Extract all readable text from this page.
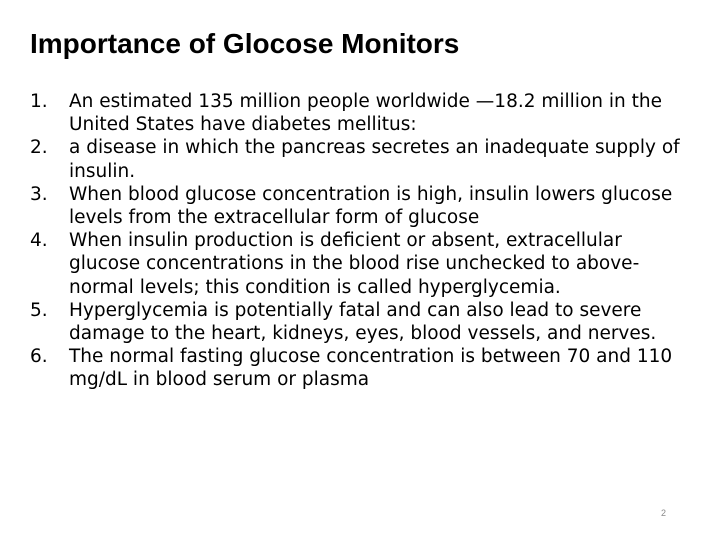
Importance of Glocose Monitors
1. An estimated 135 million people worldwide —18.2 million in the United States have diabetes mellitus:
2. a disease in which the pancreas secretes an inadequate supply of insulin.
3. When blood glucose concentration is high, insulin lowers glucose levels from the extracellular form of glucose
4. When insulin production is deficient or absent, extracellular glucose concentrations in the blood rise unchecked to above-normal levels; this condition is called hyperglycemia.
5. Hyperglycemia is potentially fatal and can also lead to severe damage to the heart, kidneys, eyes, blood vessels, and nerves.
6. The normal fasting glucose concentration is between 70 and 110 mg/dL in blood serum or plasma
2
